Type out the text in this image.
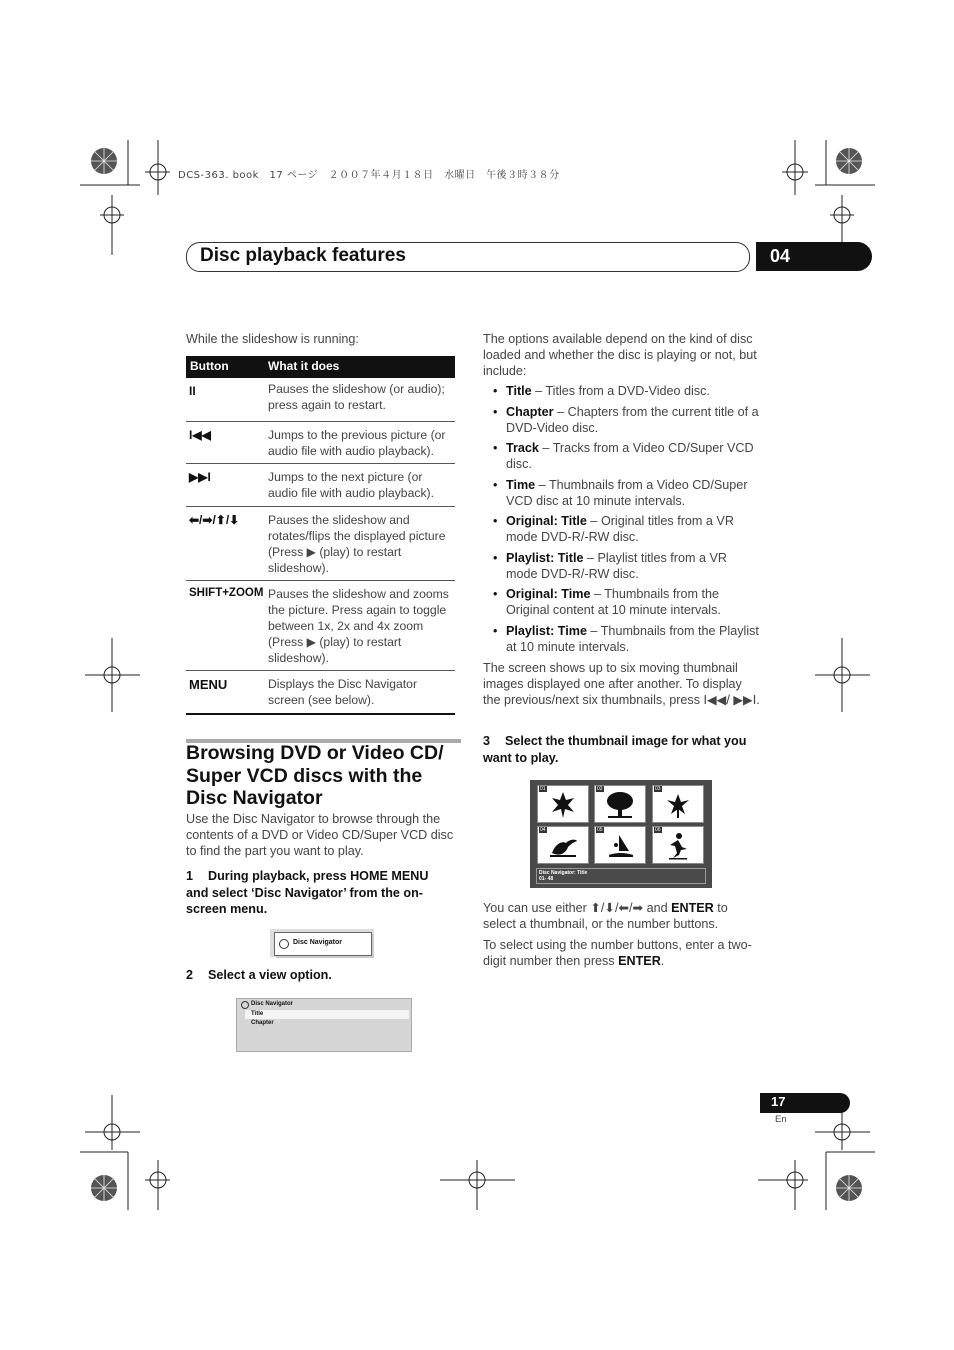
DCS-363. book　17 ページ　２００７年４月１８日　水曜日　午後３時３８分
Disc playback features	04
While the slideshow is running:
Button	What it does
II	Pauses the slideshow (or audio); press again to restart.
I◀◀	Jumps to the previous picture (or audio file with audio playback).
▶▶I	Jumps to the next picture (or audio file with audio playback).
⬅/➡/⬆/⬇ Pauses the slideshow and rotates/flips the displayed picture (Press ▶ (play) to restart slideshow).
SHIFT+ZOOM Pauses the slideshow and zooms the picture. Press again to toggle between 1x, 2x and 4x zoom (Press ▶ (play) to restart slideshow).
MENU	Displays the Disc Navigator screen (see below).
Browsing DVD or Video CD/ Super VCD discs with the Disc Navigator
Use the Disc Navigator to browse through the contents of a DVD or Video CD/Super VCD disc to find the part you want to play.
1	During playback, press HOME MENU and select ‘Disc Navigator’ from the on-screen menu.
Disc Navigator
2 Select a view option.
Disc Navigator
Title
Chapter
The options available depend on the kind of disc loaded and whether the disc is playing or not, but include:
• Title – Titles from a DVD-Video disc.
• Chapter – Chapters from the current title of a DVD-Video disc.
• Track – Tracks from a Video CD/Super VCD disc.
• Time – Thumbnails from a Video CD/Super VCD disc at 10 minute intervals.
• Original: Title – Original titles from a VR mode DVD-R/-RW disc.
• Playlist: Title – Playlist titles from a VR mode DVD-R/-RW disc.
• Original: Time – Thumbnails from the Original content at 10 minute intervals.
• Playlist: Time – Thumbnails from the Playlist at 10 minute intervals.
The screen shows up to six moving thumbnail images displayed one after another. To display the previous/next six thumbnails, press I◀◀/ ▶▶I.
3	Select the thumbnail image for what you want to play.
01	02	03
04	05	06
Disc Navigator: Title
01- 48
You can use either ⬆/⬇/⬅/➡ and ENTER to select a thumbnail, or the number buttons.
To select using the number buttons, enter a two-digit number then press ENTER.
17
En
